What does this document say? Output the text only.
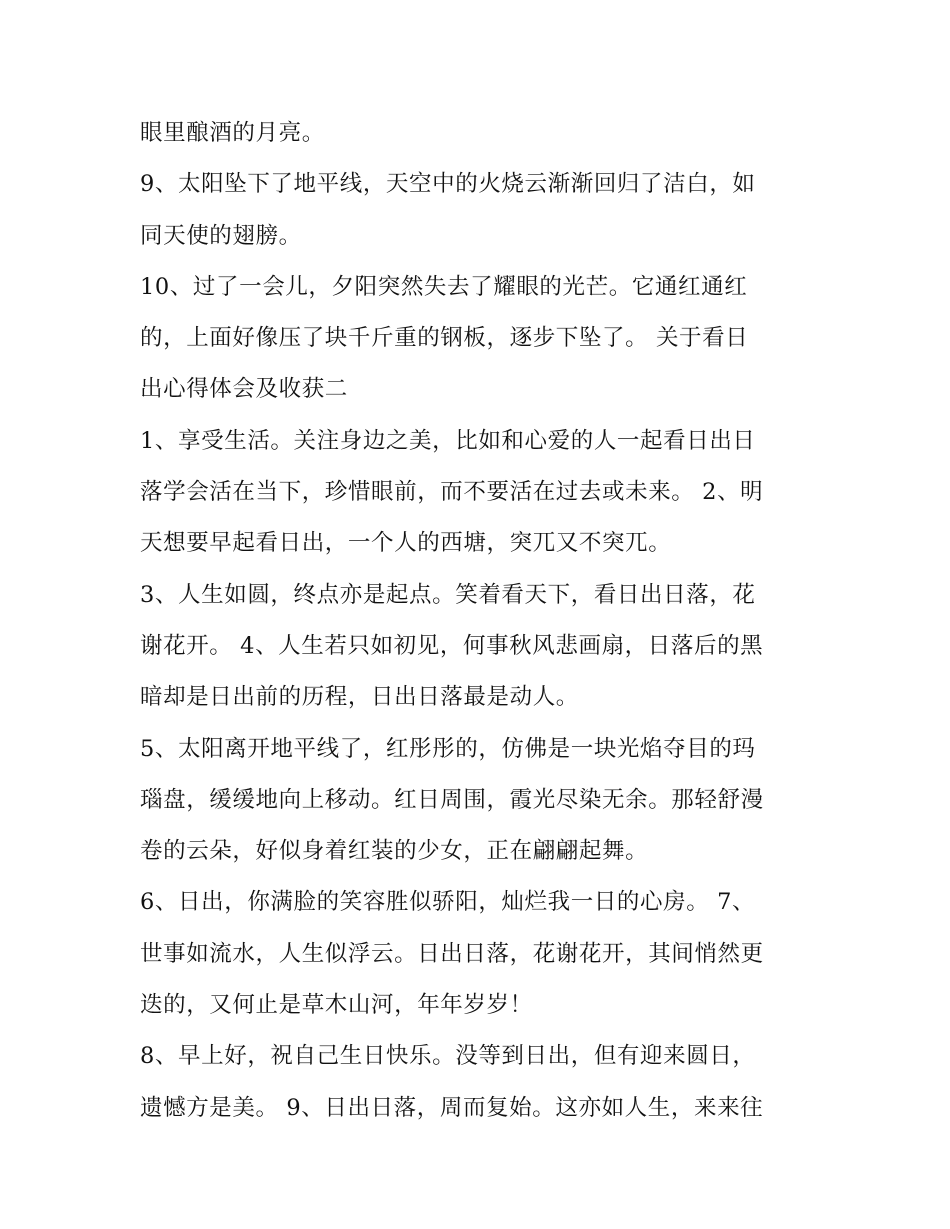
眼里酿酒的月亮。
9、太阳坠下了地平线，天空中的火烧云渐渐回归了洁白，如
同天使的翅膀。
10、过了一会儿，夕阳突然失去了耀眼的光芒。它通红通红
的，上面好像压了块千斤重的钢板，逐步下坠了。 关于看日
出心得体会及收获二
1、享受生活。关注身边之美，比如和心爱的人一起看日出日
落学会活在当下，珍惜眼前，而不要活在过去或未来。 2、明
天想要早起看日出，一个人的西塘，突兀又不突兀。
3、人生如圆，终点亦是起点。笑着看天下，看日出日落，花
谢花开。 4、人生若只如初见，何事秋风悲画扇，日落后的黑
暗却是日出前的历程，日出日落最是动人。
5、太阳离开地平线了，红彤彤的，仿佛是一块光焰夺目的玛
瑙盘，缓缓地向上移动。红日周围，霞光尽染无余。那轻舒漫
卷的云朵，好似身着红装的少女，正在翩翩起舞。
6、日出，你满脸的笑容胜似骄阳，灿烂我一日的心房。 7、
世事如流水，人生似浮云。日出日落，花谢花开，其间悄然更
迭的，又何止是草木山河，年年岁岁！
8、早上好，祝自己生日快乐。没等到日出，但有迎来圆日，
遗憾方是美。 9、日出日落，周而复始。这亦如人生，来来往
